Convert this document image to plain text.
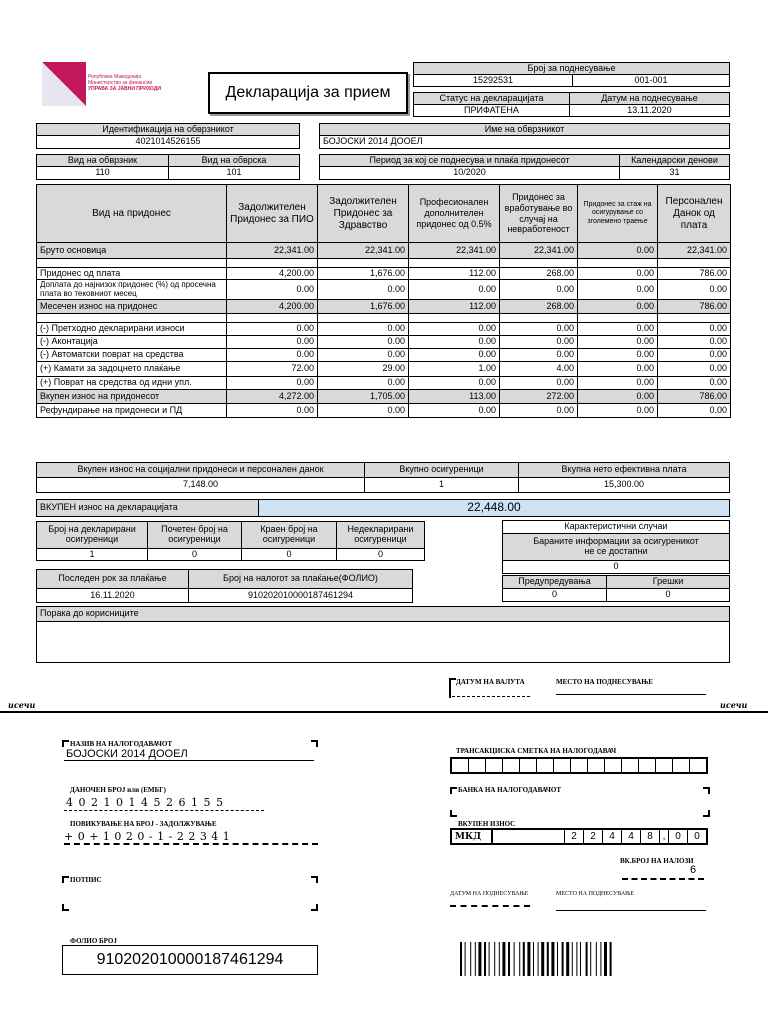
Република Македонија
Министерство за финансии
УПРАВА ЗА ЈАВНИ ПРИХОДИ	Декларација за прием
Број за поднесување
15292531	001-001
Статус на декларацијата	Датум на поднесување
ПРИФАТЕНА	13.11.2020
Идентификација на обврзникот
4021014526155
Име на обврзникот
БОЈОСКИ 2014 ДООЕЛ
Вид на обврзник	Вид на обврска
110	101
Период за кој се поднесува и плаќа придонесот
10/2020
Календарски денови
31
Вид на придонес	Задолжителен Придонес за ПИО	Задолжителен Придонес за Здравство	Професионален дополнителен придонес од 0.5%	Придонес за вработување во случај на невработеност	Придонес за стаж на осигурување со зголемено траење	Персонален Данок од плата
Бруто основица	22,341.00	22,341.00	22,341.00	22,341.00	0.00	22,341.00

Придонес од плата	4,200.00	1,676.00	112.00	268.00	0.00	786.00
Доплата до најнизок придонес (%) од просечна плата во тековниот месец	0.00	0.00	0.00	0.00	0.00	0.00
Месечен износ на придонес	4,200.00	1,676.00	112.00	268.00	0.00	786.00

(-) Претходно декларирани износи	0.00	0.00	0.00	0.00	0.00	0.00
(-) Аконтација	0.00	0.00	0.00	0.00	0.00	0.00
(-) Автоматски поврат на средства	0.00	0.00	0.00	0.00	0.00	0.00
(+) Камати за задоцнето плаќање	72.00	29.00	1.00	4.00	0.00	0.00
(+) Поврат на средства од идни упл.	0.00	0.00	0.00	0.00	0.00	0.00
Вкупен износ на придонесот	4,272.00	1,705.00	113.00	272.00	0.00	786.00
Рефундирање на придонеси и ПД	0.00	0.00	0.00	0.00	0.00	0.00
Вкупен износ на социјални придонеси и персонален данок
7,148.00
Вкупно осигуреници
1
Вкупна нето ефективна плата
15,300.00
ВКУПЕН износ на декларацијата	22,448.00
Број на декларирани осигуреници
Почетен број на осигуреници
Краен број на осигуреници
Недекларирани осигуреници
1	0	0	0
Карактеристични случаи
Бараните информации за осигуреникот не се достапни
0
Предупредувања	Грешки
0	0
Последен рок за плаќање	Број на налогот за плаќање(ФОЛИО)
16.11.2020	910202010000187461294
Порака до корисниците
ДАТУМ НА ВАЛУТА	МЕСТО НА ПОДНЕСУВАЊЕ
исечи	исечи
НАЗИВ НА НАЛОГОДАВАЧОТ
БОЈОСКИ 2014 ДООЕЛ
ДАНОЧЕН БРОЈ или (ЕМБГ)
4 0 2 1 0 1 4 5 2 6 1 5 5
ПОВИКУВАЊЕ НА БРОЈ - ЗАДОЛЖУВАЊЕ
+ 0 + 1 0 2 0 - 1 - 2 2 3 4 1
ПОТПИС
ФОЛИО БРОЈ
910202010000187461294
ТРАНСАКЦИСКА СМЕТКА НА НАЛОГОДАВАЧ
БАНКА НА НАЛОГОДАВАЧОТ
ВКУПЕН ИЗНОС
МКД	2	2	4	4	8 , 0	0
ВК.БРОЈ НА НАЛОЗИ
6
ДАТУМ НА ПОДНЕСУВАЊЕ	МЕСТО НА ПОДНЕСУВАЊЕ
